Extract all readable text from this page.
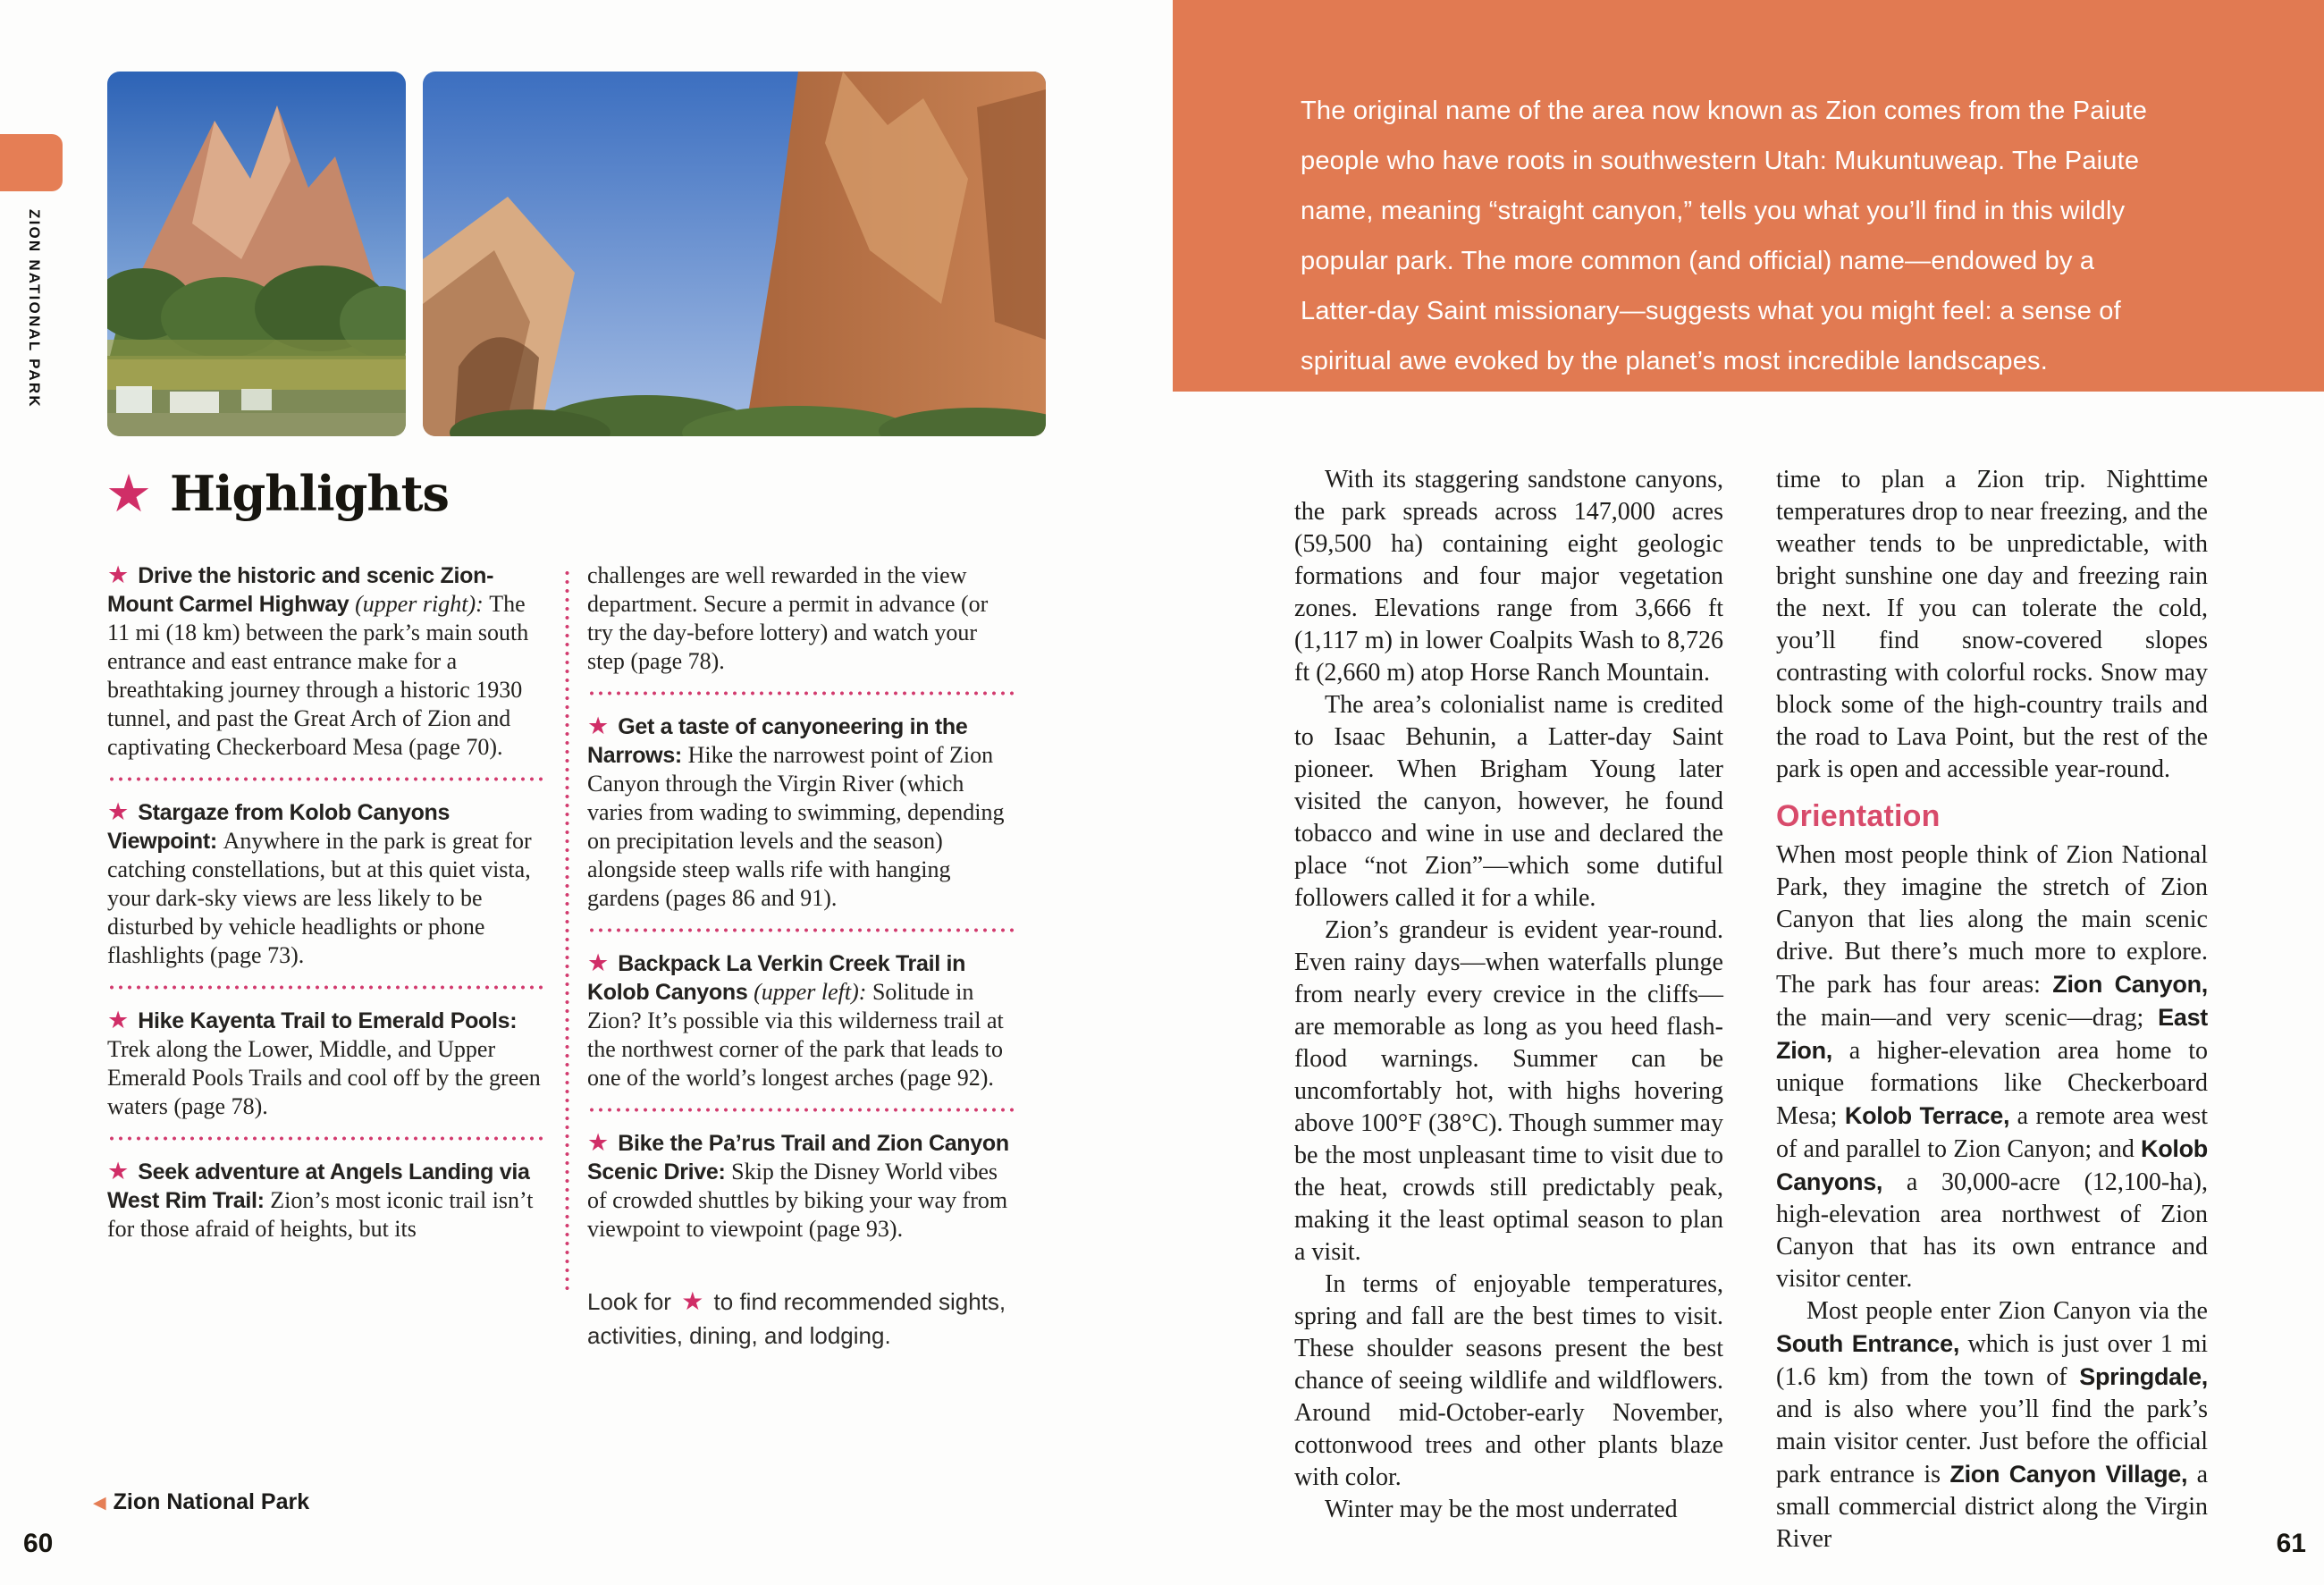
ZION NATIONAL PARK
★ Highlights
★ Drive the historic and scenic Zion-Mount Carmel Highway (upper right): The 11 mi (18 km) between the park’s main south entrance and east entrance make for a breathtaking journey through a historic 1930 tunnel, and past the Great Arch of Zion and captivating Checkerboard Mesa (page 70).
★ Stargaze from Kolob Canyons Viewpoint: Anywhere in the park is great for catching constellations, but at this quiet vista, your dark-sky views are less likely to be disturbed by vehicle headlights or phone flashlights (page 73).
★ Hike Kayenta Trail to Emerald Pools: Trek along the Lower, Middle, and Upper Emerald Pools Trails and cool off by the green waters (page 78).
★ Seek adventure at Angels Landing via West Rim Trail: Zion’s most iconic trail isn’t for those afraid of heights, but its
challenges are well rewarded in the view department. Secure a permit in advance (or try the day-before lottery) and watch your step (page 78).
★ Get a taste of canyoneering in the Narrows: Hike the narrowest point of Zion Canyon through the Virgin River (which varies from wading to swimming, depending on precipitation levels and the season) alongside steep walls rife with hanging gardens (pages 86 and 91).
★ Backpack La Verkin Creek Trail in Kolob Canyons (upper left): Solitude in Zion? It’s possible via this wilderness trail at the northwest corner of the park that leads to one of the world’s longest arches (page 92).
★ Bike the Pa’rus Trail and Zion Canyon Scenic Drive: Skip the Disney World vibes of crowded shuttles by biking your way from viewpoint to viewpoint (page 93).
Look for ★ to find recommended sights, activities, dining, and lodging.
◀ Zion National Park
60
The original name of the area now known as Zion comes from the Paiute people who have roots in southwestern Utah: Mukuntuweap. The Paiute name, meaning “straight canyon,” tells you what you’ll find in this wildly popular park. The more common (and official) name—endowed by a Latter-day Saint missionary—suggests what you might feel: a sense of spiritual awe evoked by the planet’s most incredible landscapes.

With its staggering sandstone canyons, the park spreads across 147,000 acres (59,500 ha) containing eight geologic formations and four major vegetation zones. Elevations range from 3,666 ft (1,117 m) in lower Coalpits Wash to 8,726 ft (2,660 m) atop Horse Ranch Mountain.

The area’s colonialist name is credited to Isaac Behunin, a Latter-day Saint pioneer. When Brigham Young later visited the canyon, however, he found tobacco and wine in use and declared the place “not Zion”—which some dutiful followers called it for a while.

Zion’s grandeur is evident year-round. Even rainy days—when waterfalls plunge from nearly every crevice in the cliffs—are memorable as long as you heed flash-flood warnings. Summer can be uncomfortably hot, with highs hovering above 100°F (38°C). Though summer may be the most unpleasant time to visit due to the heat, crowds still predictably peak, making it the least optimal season to plan a visit.

In terms of enjoyable temperatures, spring and fall are the best times to visit. These shoulder seasons present the best chance of seeing wildlife and wildflowers. Around mid-October-early November, cottonwood trees and other plants blaze with color.

Winter may be the most underrated

time to plan a Zion trip. Nighttime temperatures drop to near freezing, and the weather tends to be unpredictable, with bright sunshine one day and freezing rain the next. If you can tolerate the cold, you’ll find snow-covered slopes contrasting with colorful rocks. Snow may block some of the high-country trails and the road to Lava Point, but the rest of the park is open and accessible year-round.

Orientation

When most people think of Zion National Park, they imagine the stretch of Zion Canyon that lies along the main scenic drive. But there’s much more to explore. The park has four areas: Zion Canyon, the main—and very scenic—drag; East Zion, a higher-elevation area home to unique formations like Checkerboard Mesa; Kolob Terrace, a remote area west of and parallel to Zion Canyon; and Kolob Canyons, a 30,000-acre (12,100-ha), high-elevation area northwest of Zion Canyon that has its own entrance and visitor center.

Most people enter Zion Canyon via the South Entrance, which is just over 1 mi (1.6 km) from the town of Springdale, and is also where you’ll find the park’s main visitor center. Just before the official park entrance is Zion Canyon Village, a small commercial district along the Virgin River	61
